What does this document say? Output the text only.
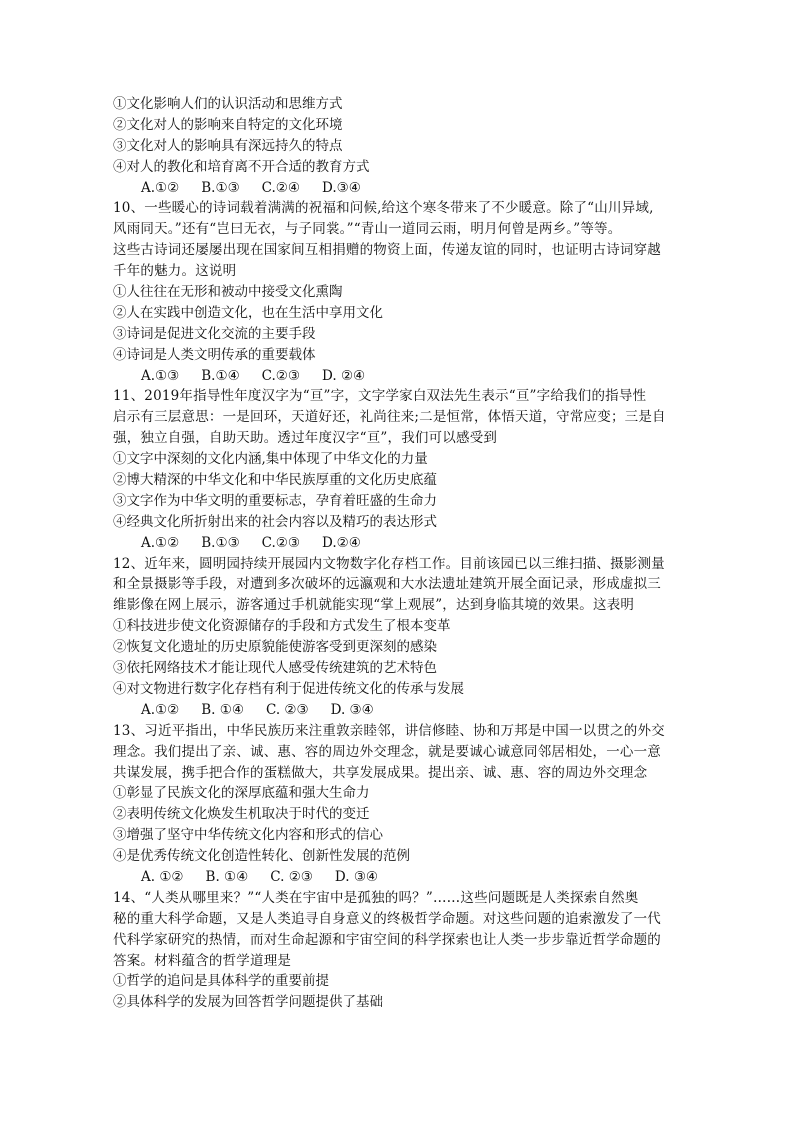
①文化影响人们的认识活动和思维方式
②文化对人的影响来自特定的文化环境
③文化对人的影响具有深远持久的特点
④对人的教化和培育离不开合适的教育方式
A.①② B.①③ C.②④ D.③④
10、一些暖心的诗词载着满满的祝福和问候,给这个寒冬带来了不少暖意。除了“山川异域,
风雨同天。”还有“岂曰无衣，与子同裳。”“青山一道同云雨，明月何曾是两乡。”等等。
这些古诗词还屡屡出现在国家间互相捐赠的物资上面，传递友谊的同时，也证明古诗词穿越
千年的魅力。这说明
①人往往在无形和被动中接受文化熏陶
②人在实践中创造文化，也在生活中享用文化
③诗词是促进文化交流的主要手段
④诗词是人类文明传承的重要载体
A.①③ B.①④ C.②③ D. ②④
11、2019年指导性年度汉字为“亘”字，文字学家白双法先生表示“亘”字给我们的指导性
启示有三层意思：一是回环，天道好还，礼尚往来;二是恒常，体悟天道，守常应变；三是自
强，独立自强，自助天助。透过年度汉字“亘”，我们可以感受到
①文字中深刻的文化内涵,集中体现了中华文化的力量
②博大精深的中华文化和中华民族厚重的文化历史底蕴
③文字作为中华文明的重要标志，孕育着旺盛的生命力
④经典文化所折射出来的社会内容以及精巧的表达形式
A.①② B.①③ C.②③ D.②④
12、近年来，圆明园持续开展园内文物数字化存档工作。目前该园已以三维扫描、摄影测量
和全景摄影等手段，对遭到多次破坏的远瀛观和大水法遗址建筑开展全面记录，形成虚拟三
维影像在网上展示，游客通过手机就能实现“掌上观展”，达到身临其境的效果。这表明
①科技进步使文化资源储存的手段和方式发生了根本变革
②恢复文化遗址的历史原貌能使游客受到更深刻的感染
③依托网络技术才能让现代人感受传统建筑的艺术特色
④对文物进行数字化存档有利于促进传统文化的传承与发展
A.①② B. ①④ C. ②③ D. ③④
13、习近平指出，中华民族历来注重敦亲睦邻，讲信修睦、协和万邦是中国一以贯之的外交
理念。我们提出了亲、诚、惠、容的周边外交理念，就是要诚心诚意同邻居相处，一心一意
共谋发展，携手把合作的蛋糕做大，共享发展成果。提出亲、诚、惠、容的周边外交理念
①彰显了民族文化的深厚底蕴和强大生命力
②表明传统文化焕发生机取决于时代的变迁
③增强了坚守中华传统文化内容和形式的信心
④是优秀传统文化创造性转化、创新性发展的范例
A. ①② B. ①④ C. ②③ D. ③④
14、“人类从哪里来？”“人类在宇宙中是孤独的吗？”……这些问题既是人类探索自然奥
秘的重大科学命题，又是人类追寻自身意义的终极哲学命题。对这些问题的追索激发了一代
代科学家研究的热情，而对生命起源和宇宙空间的科学探索也让人类一步步靠近哲学命题的
答案。材料蕴含的哲学道理是
①哲学的追问是具体科学的重要前提
②具体科学的发展为回答哲学问题提供了基础
